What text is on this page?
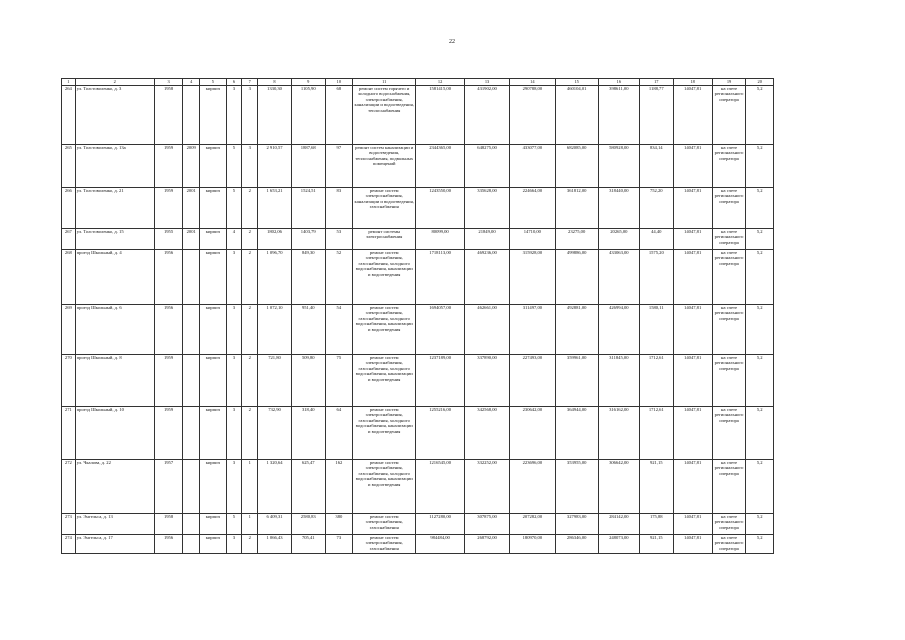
22
1	2	3	4	5	6	7	8	9	10	11	12	13	14	15	16	17	18	19	20
264	ул. Толстоволенко, д. 3	1958		кирпич	3	3	1330,30	1105,90	68	ремонт систем горячего и холодного водоснабжения, электроснабжения, канализации и водоотведения, теплоснабжения	1581415,00	431902,00	290788,00	460104,01	398611,00	1188,77	14047,81	на счете регионального оператора	5,2
265	ул. Толстоволенко, д. 13а	1959	2009	кирпич	5	3	2 910,57	1887,68	97	ремонт систем канализации и водоотведения, теплоснабжения, подвальных помещений	2344365,00	648275,00	433077,00	682085,00	580928,00	834,14	14047,81	на счете регионального оператора	5,2
266	ул. Толстоволенко, д. 21	1959	2001	кирпич	5	2	1 653,21	1524,51	83	ремонт систем электроснабжения, канализации и водоотведения, газоснабжения	1243550,00	335628,00	224664,00	361812,00	318440,00	752,20	14047,81	на счете регионального оператора	5,2
267	ул. Толстоволенко, д. 15	1955	2001	кирпич	4	2	1802,06	1403,79	53	ремонт системы электроснабжения	80099,00	21849,00	14710,00	23275,00	20265,00	44,40	14047,81	на счете регионального оператора	5,2
268	проезд Школьный, д. 4	1956		кирпич	3	2	1 096,70	849,30	52	ремонт систем электроснабжения, газоснабжения, холодного водоснабжения, канализации и водоотведения	1718113,00	469236,00	315928,00	499886,00	433063,00	1575,20	14047,81	на счете регионального оператора	5,2
269	проезд Школьный, д. 6	1956		кирпич	3	2	1 072,10	951,40	54	ремонт систем электроснабжения, газоснабжения, холодного водоснабжения, канализации и водоотведения	1694057,00	462661,00	311497,00	492881,00	426994,00	1580,11	14047,81	на счете регионального оператора	5,2
270	проезд Школьный, д. 8	1959		кирпич	3	2	721,80	509,80	75	ремонт систем электроснабжения, газоснабжения, холодного водоснабжения, канализации и водоотведения	1237189,00	337890,00	227493,00	359961,00	311845,00	1712,61	14047,81	на счете регионального оператора	5,2
271	проезд Школьный, д. 10	1959		кирпич	3	2	732,90	318,40	64	ремонт систем электроснабжения, газоснабжения, холодного водоснабжения, канализации и водоотведения	1255216,00	342568,00	230642,00	364944,00	316162,00	1712,61	14047,81	на счете регионального оператора	5,2
272	ул. Чкалова, д. 22	1957		кирпич	3	1	1 320,64	625,47	162	ремонт систем электроснабжения, газоснабжения, холодного водоснабжения, канализации и водоотведения	1216545,00	332252,00	223696,00	353955,00	306642,00	921,15	14047,81	на счете регионального оператора	5,2
273	ул. Энгельса, д. 13	1958		кирпич	5	1	6 409,31	2580,83	380	ремонт систем электроснабжения, газоснабжения	1127280,00	307875,00	207282,00	327983,00	284142,00	175,88	14047,81	на счете регионального оператора	5,2
274	ул. Энгельса, д. 17	1956		кирпич	3	2	1 066,43	705,41	73	ремонт систем электроснабжения, газоснабжения	984484,00	268792,00	180970,00	286346,00	248073,00	921,15	14047,81	на счете регионального оператора	5,2
